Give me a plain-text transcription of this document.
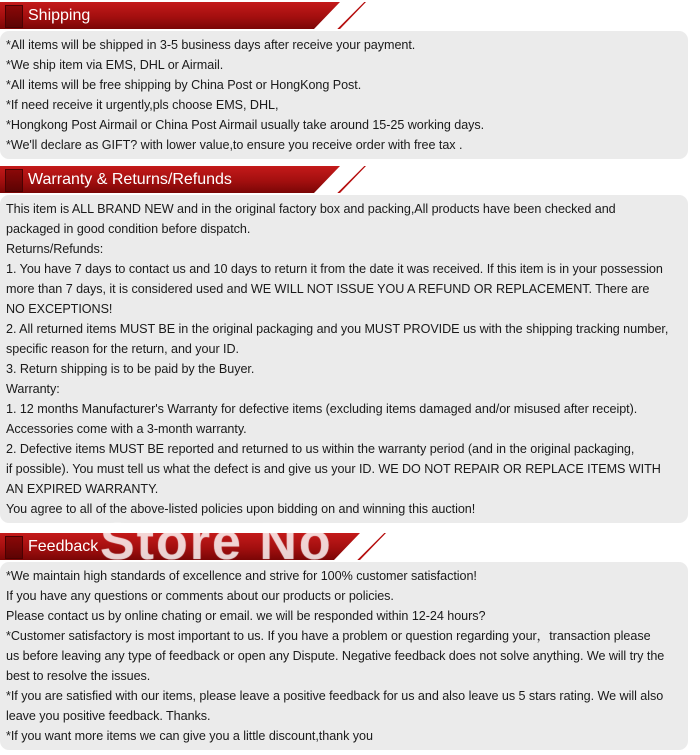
Shipping
*All items will be shipped in 3-5 business days after receive your payment.
*We ship item via EMS, DHL or Airmail.
*All items will be free shipping by China Post or HongKong Post.
*If need receive it urgently,pls choose EMS, DHL,
*Hongkong Post Airmail or China Post Airmail usually take around 15-25 working days.
*We'll declare as GIFT? with lower value,to ensure you receive order with free tax .
Warranty & Returns/Refunds
This item is ALL BRAND NEW and in the original factory box and packing,All products have been checked and
packaged in good condition before dispatch.
Returns/Refunds:
1. You have 7 days to contact us and 10 days to return it from the date it was received. If this item is in your possession
more than 7 days, it is considered used and WE WILL NOT ISSUE YOU A REFUND OR REPLACEMENT. There are
NO EXCEPTIONS!
2. All returned items MUST BE in the original packaging and you MUST PROVIDE us with the shipping tracking number,
specific reason for the return, and your ID.
3. Return shipping is to be paid by the Buyer.
Warranty:
1. 12 months Manufacturer's Warranty for defective items (excluding items damaged and/or misused after receipt).
Accessories come with a 3-month warranty.
2. Defective items MUST BE reported and returned to us within the warranty period (and in the original packaging,
if possible). You must tell us what the defect is and give us your ID. WE DO NOT REPAIR OR REPLACE ITEMS WITH
AN EXPIRED WARRANTY.
You agree to all of the above-listed policies upon bidding on and winning this auction!
Feedback
*We maintain high standards of excellence and strive for 100% customer satisfaction!
If you have any questions or comments about our products or policies.
Please contact us by online chating or email. we will be responded within 12-24 hours?
*Customer satisfactory is most important to us. If you have a problem or question regarding your，transaction please
us before leaving any type of feedback or open any Dispute. Negative feedback does not solve anything. We will try the
best to resolve the issues.
*If you are satisfied with our items, please leave a positive feedback for us and also leave us 5 stars rating. We will also
leave you positive feedback. Thanks.
*If you want more items we can give you a little discount,thank you
Store No
